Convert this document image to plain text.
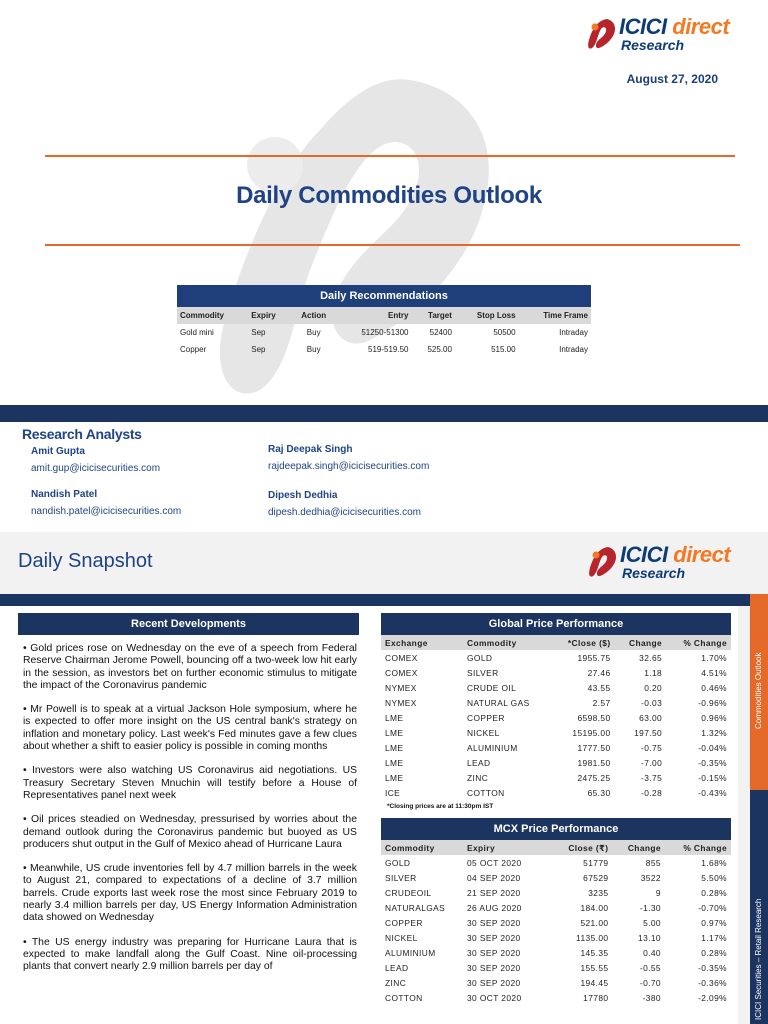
ICICI direct
Research
August 27, 2020
Daily Commodities Outlook
Daily Recommendations
Commodity	Expiry	Action	Entry	Target	Stop Loss	Time Frame
Gold mini	Sep	Buy	51250-51300	52400	50500	Intraday
Copper	Sep	Buy	519-519.50	525.00	515.00	Intraday
Research Analysts
Amit Gupta
amit.gup@icicisecurities.com
Raj Deepak Singh
rajdeepak.singh@icicisecurities.com
Nandish Patel
nandish.patel@icicisecurities.com
Dipesh Dedhia
dipesh.dedhia@icicisecurities.com
Daily Snapshot	ICICI direct
Research
Commodities Outlook
ICICI Securities – Retail Research
Recent Developments

• Gold prices rose on Wednesday on the eve of a speech from Federal Reserve Chairman Jerome Powell, bouncing off a two-week low hit early in the session, as investors bet on further economic stimulus to mitigate the impact of the Coronavirus pandemic

• Mr Powell is to speak at a virtual Jackson Hole symposium, where he is expected to offer more insight on the US central bank's strategy on inflation and monetary policy. Last week's Fed minutes gave a few clues about whether a shift to easier policy is possible in coming months

• Investors were also watching US Coronavirus aid negotiations. US Treasury Secretary Steven Mnuchin will testify before a House of Representatives panel next week

• Oil prices steadied on Wednesday, pressurised by worries about the demand outlook during the Coronavirus pandemic but buoyed as US producers shut output in the Gulf of Mexico ahead of Hurricane Laura

• Meanwhile, US crude inventories fell by 4.7 million barrels in the week to August 21, compared to expectations of a decline of 3.7 million barrels. Crude exports last week rose the most since February 2019 to nearly 3.4 million barrels per day, US Energy Information Administration data showed on Wednesday

• The US energy industry was preparing for Hurricane Laura that is expected to make landfall along the Gulf Coast. Nine oil-processing plants that convert nearly 2.9 million barrels per day of

Global Price Performance
Exchange	Commodity	*Close ($)	Change	% Change
COMEX	GOLD	1955.75	32.65	1.70%
COMEX	SILVER	27.46	1.18	4.51%
NYMEX	CRUDE OIL	43.55	0.20	0.46%
NYMEX	NATURAL GAS	2.57	-0.03	-0.96%
LME	COPPER	6598.50	63.00	0.96%
LME	NICKEL	15195.00	197.50	1.32%
LME	ALUMINIUM	1777.50	-0.75	-0.04%
LME	LEAD	1981.50	-7.00	-0.35%
LME	ZINC	2475.25	-3.75	-0.15%
ICE	COTTON	65.30	-0.28	-0.43%
*Closing prices are at 11:30pm IST
MCX Price Performance
Commodity	Expiry	Close (₹)	Change	% Change
GOLD	05 OCT 2020	51779	855	1.68%
SILVER	04 SEP 2020	67529	3522	5.50%
CRUDEOIL	21 SEP 2020	3235	9	0.28%
NATURALGAS	26 AUG 2020	184.00	-1.30	-0.70%
COPPER	30 SEP 2020	521.00	5.00	0.97%
NICKEL	30 SEP 2020	1135.00	13.10	1.17%
ALUMINIUM	30 SEP 2020	145.35	0.40	0.28%
LEAD	30 SEP 2020	155.55	-0.55	-0.35%
ZINC	30 SEP 2020	194.45	-0.70	-0.36%
COTTON	30 OCT 2020	17780	-380	-2.09%
